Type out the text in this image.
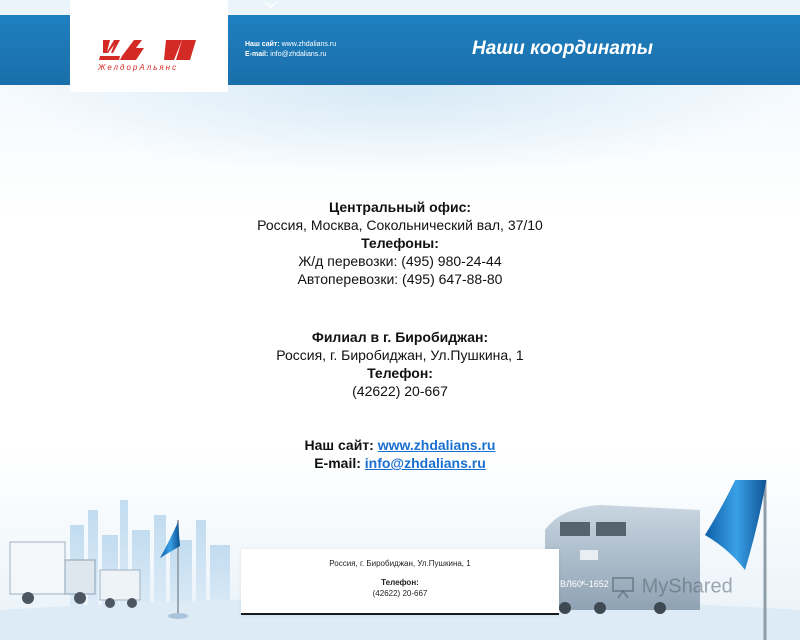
ЖелдорАльянс
Наш сайт: www.zhdalians.ru
E-mail: info@zhdalians.ru	Наши координаты
BЛ60ᴷ-1652
Центральный офис:
Россия, Москва, Сокольнический вал, 37/10
Телефоны:
Ж/д перевозки: (495) 980-24-44
Автоперевозки: (495) 647-88-80
Филиал в г. Биробиджан:
Россия, г. Биробиджан, Ул.Пушкина, 1
Телефон:
(42622) 20-667
Наш сайт: www.zhdalians.ru
E-mail: info@zhdalians.ru
Россия, г. Биробиджан, Ул.Пушкина, 1
Телефон:
(42622) 20-667	MyShared
